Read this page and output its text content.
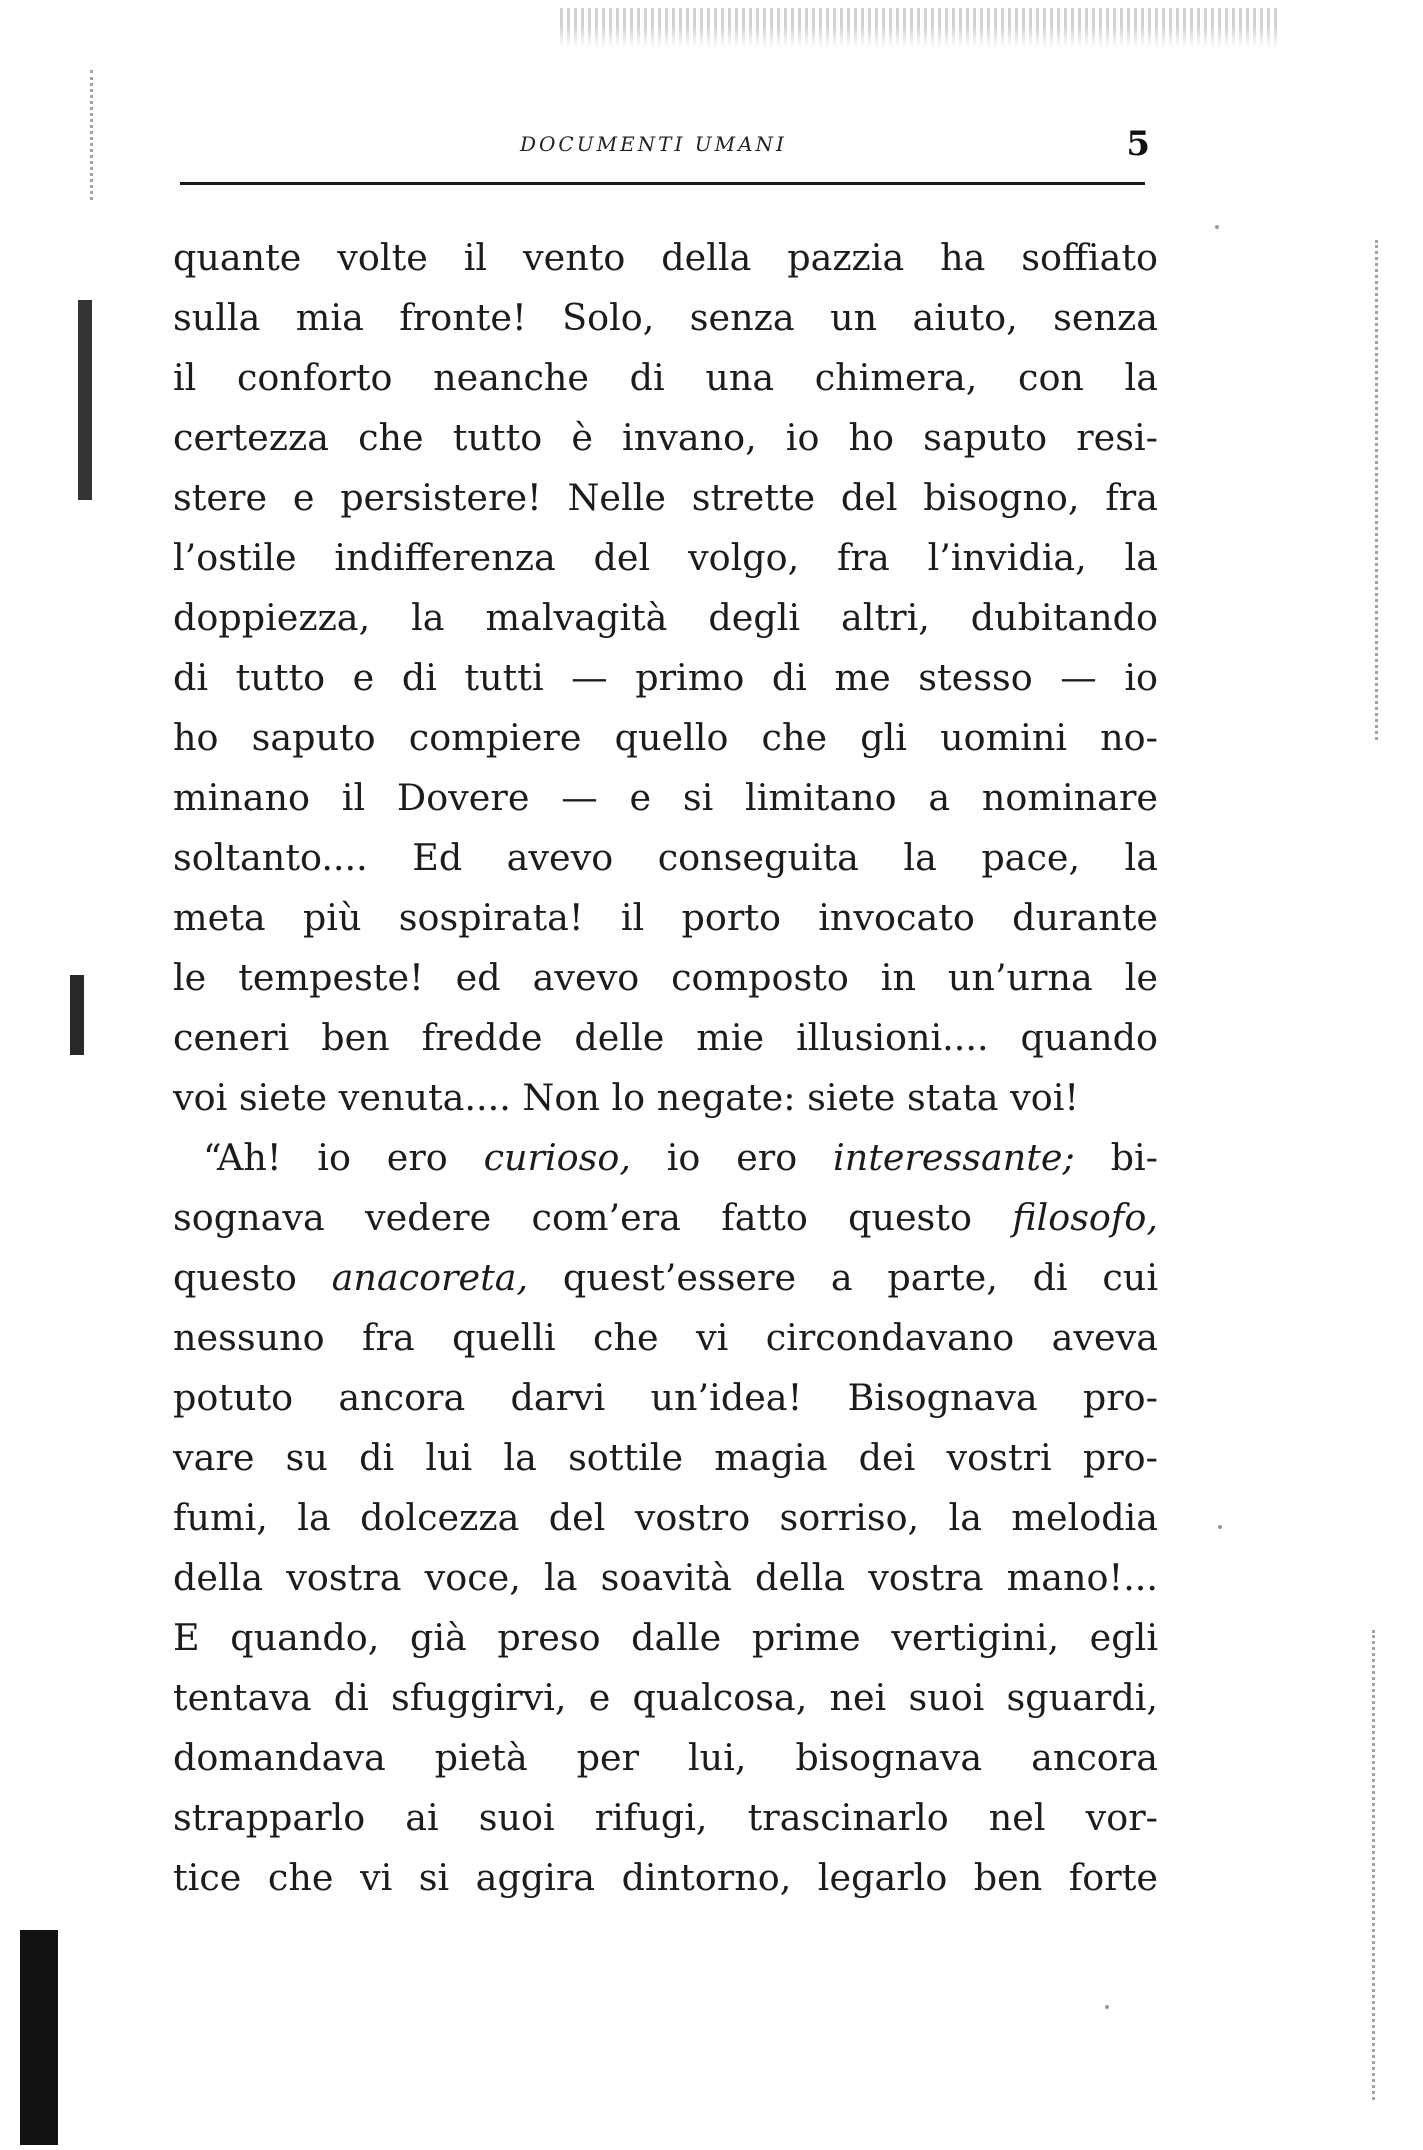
DOCUMENTI UMANI	5
quante volte il vento della pazzia ha soffiato
sulla mia fronte! Solo, senza un aiuto, senza
il conforto neanche di una chimera, con la
certezza che tutto è invano, io ho saputo resi-
stere e persistere! Nelle strette del bisogno, fra
l’ostile indifferenza del volgo, fra l’invidia, la
doppiezza, la malvagità degli altri, dubitando
di tutto e di tutti — primo di me stesso — io
ho saputo compiere quello che gli uomini no-
minano il Dovere — e si limitano a nominare
soltanto.... Ed avevo conseguita la pace, la
meta più sospirata! il porto invocato durante
le tempeste! ed avevo composto in un’urna le
ceneri ben fredde delle mie illusioni.... quando
voi siete venuta.... Non lo negate: siete stata voi!
“Ah! io ero curioso, io ero interessante; bi-
sognava vedere com’era fatto questo filosofo,
questo anacoreta, quest’essere a parte, di cui
nessuno fra quelli che vi circondavano aveva
potuto ancora darvi un’idea! Bisognava pro-
vare su di lui la sottile magia dei vostri pro-
fumi, la dolcezza del vostro sorriso, la melodia
della vostra voce, la soavità della vostra mano!...
E quando, già preso dalle prime vertigini, egli
tentava di sfuggirvi, e qualcosa, nei suoi sguardi,
domandava pietà per lui, bisognava ancora
strapparlo ai suoi rifugi, trascinarlo nel vor-
tice che vi si aggira dintorno, legarlo ben forte
